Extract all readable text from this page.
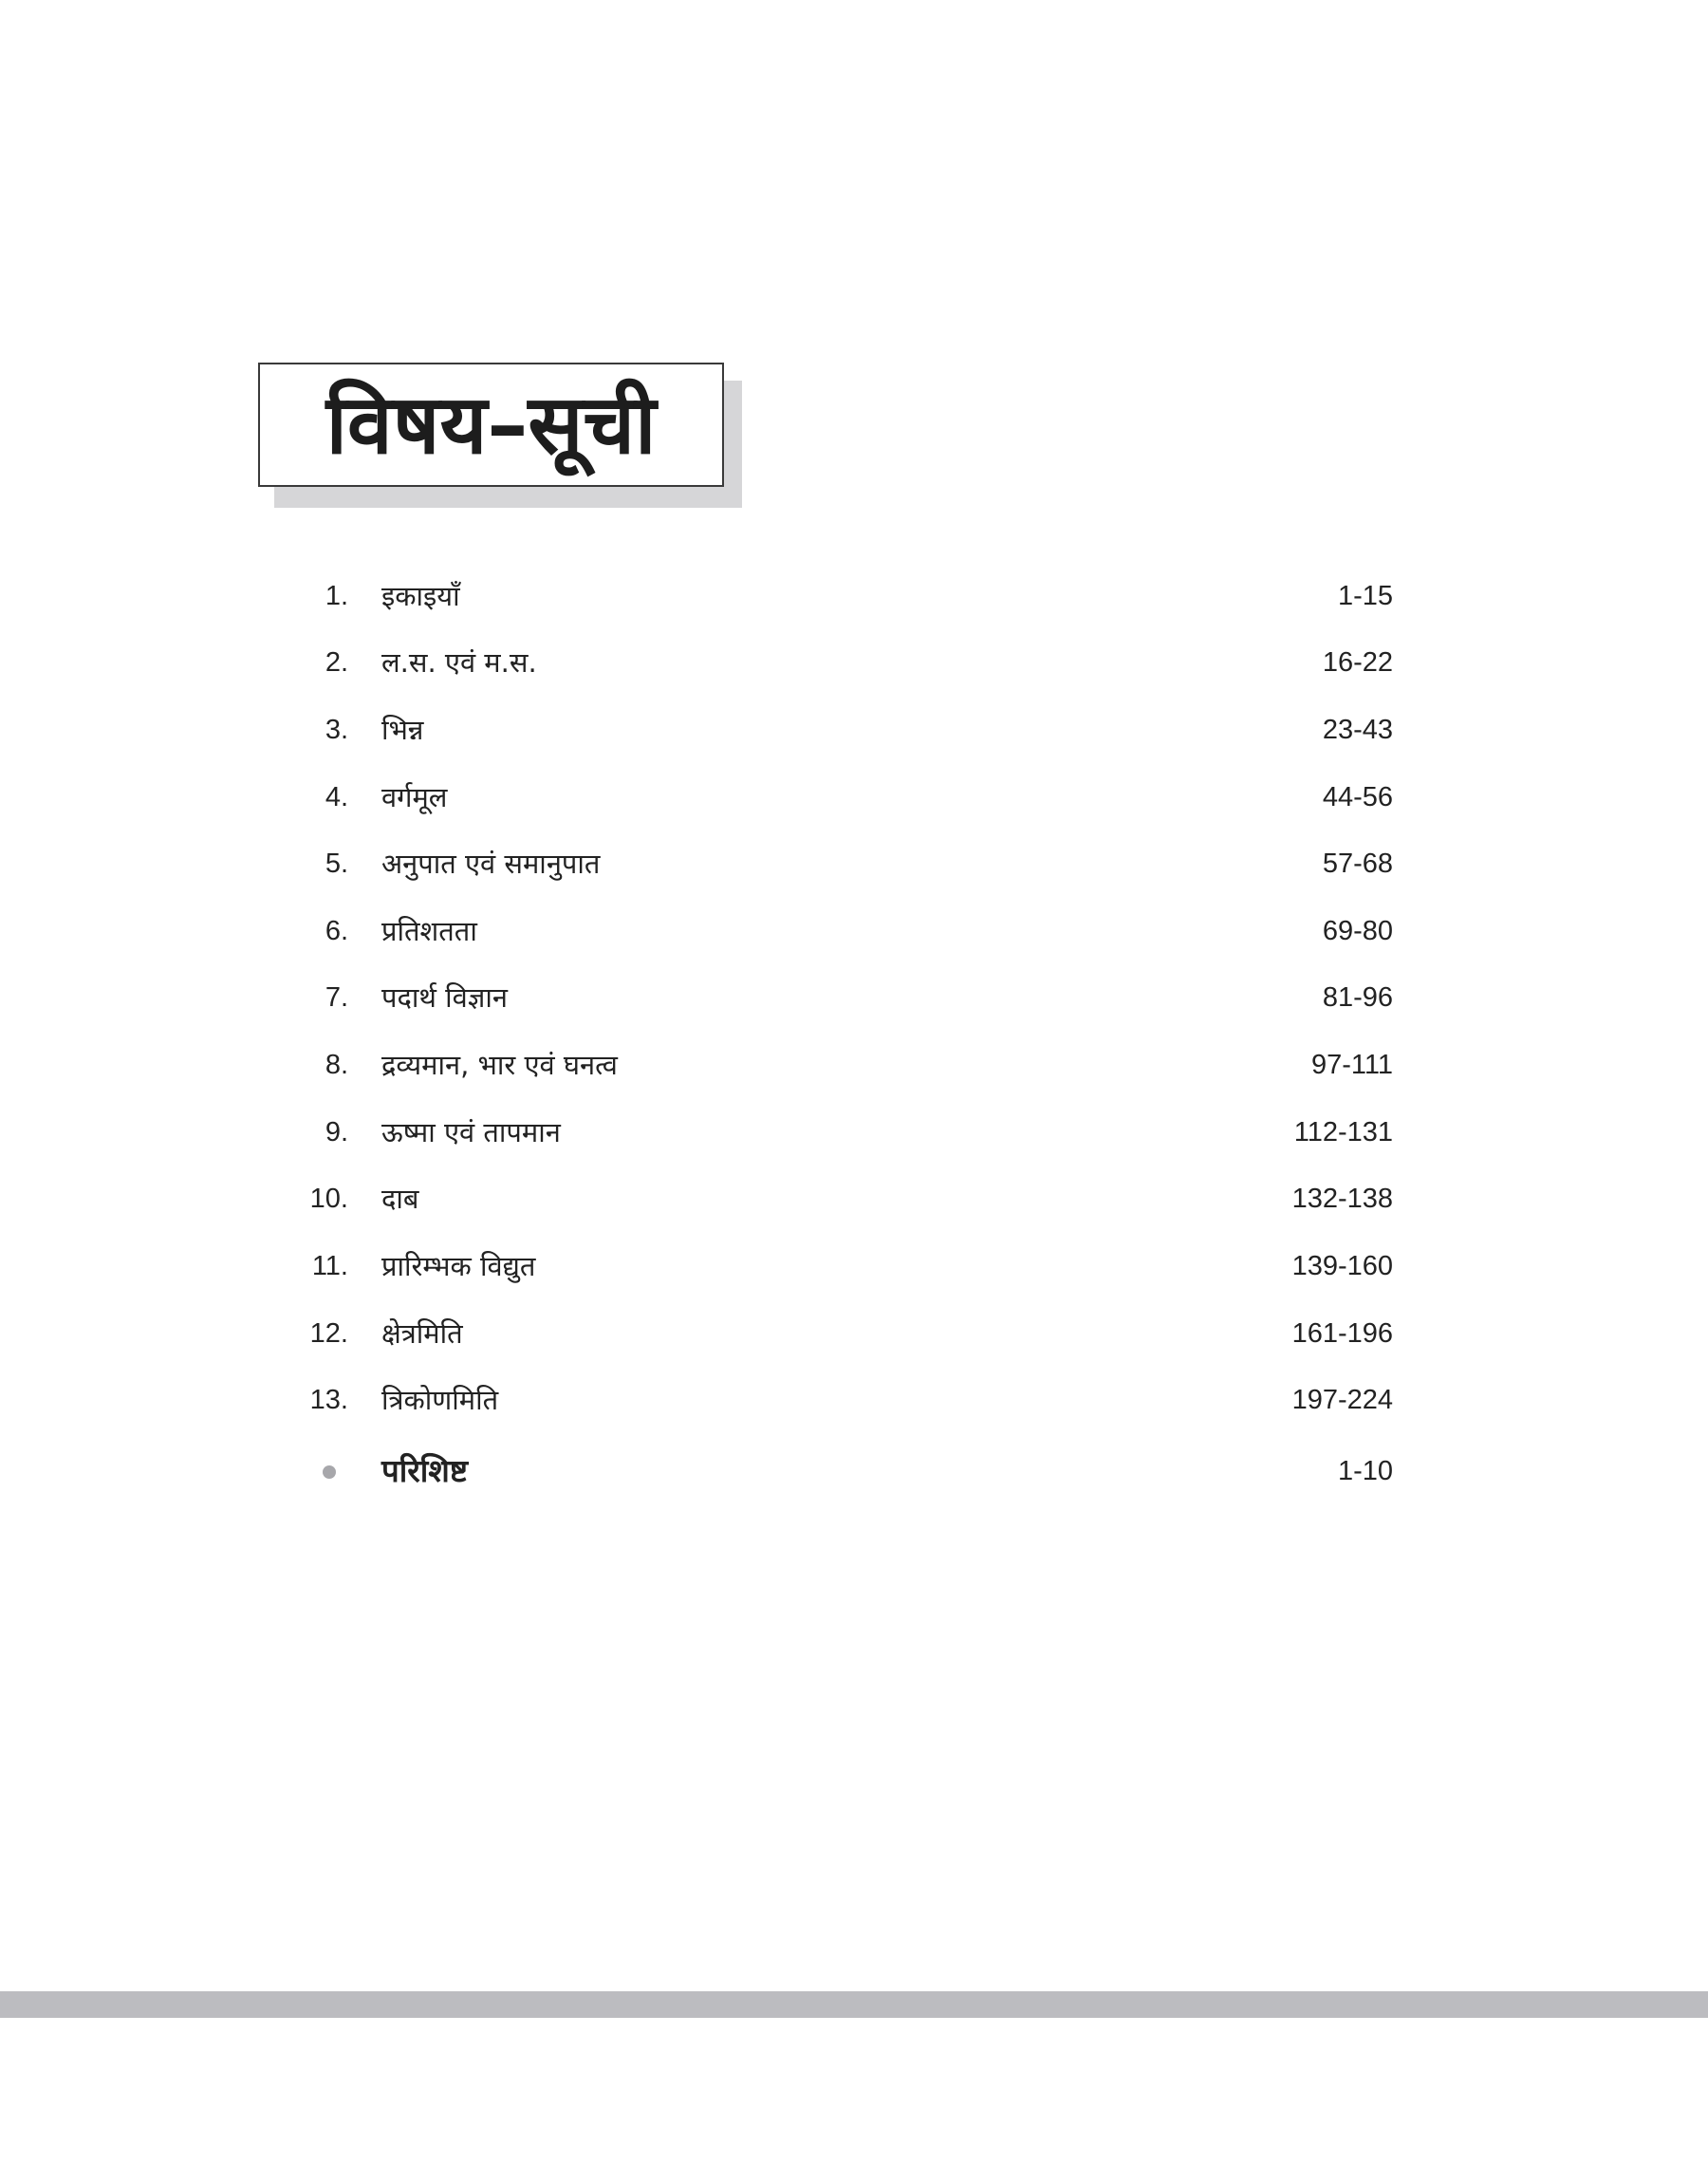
विषय–सूची
1. इकाइयाँ	1-15
2. ल.स. एवं म.स.	16-22
3. भिन्न	23-43
4. वर्गमूल	44-56
5. अनुपात एवं समानुपात	57-68
6. प्रतिशतता	69-80
7. पदार्थ विज्ञान	81-96
8. द्रव्यमान, भार एवं घनत्व	97-111
9. ऊष्मा एवं तापमान	112-131
10. दाब	132-138
11. प्रारिम्भक विद्युत	139-160
12. क्षेत्रमिति	161-196
13. त्रिकोणमिति	197-224
परिशिष्ट	1-10
